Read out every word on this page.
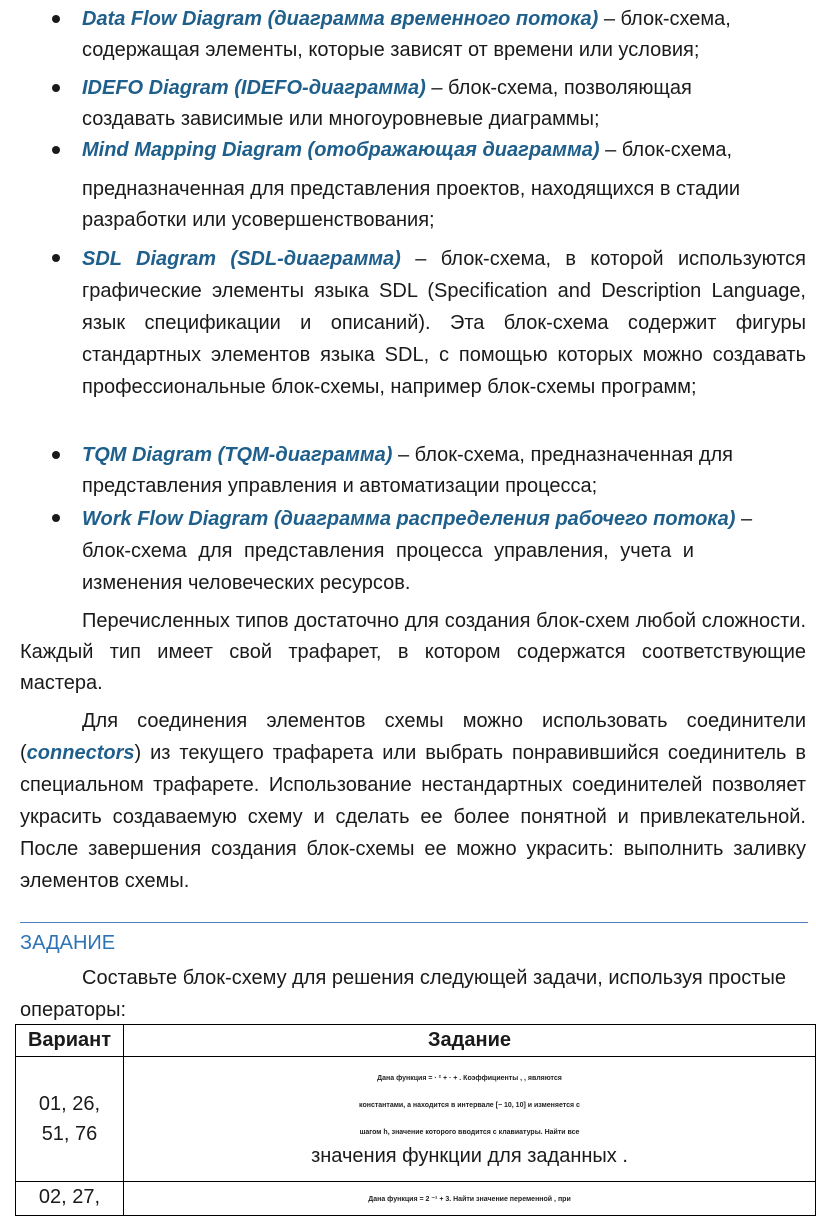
Data Flow Diagram (диаграмма временного потока) – блок-схема,
содержащая элементы, которые зависят от времени или условия;
IDEFO Diagram (IDEFO-диаграмма) – блок-схема, позволяющая
создавать зависимые или многоуровневые диаграммы;
Mind Mapping Diagram (отображающая диаграмма) – блок-схема,
предназначенная для представления проектов, находящихся в стадии
разработки или усовершенствования;
SDL Diagram (SDL-диаграмма) – блок-схема, в которой используются графические элементы языка SDL (Specification and Description Language, язык спецификации и описаний). Эта блок-схема содержит фигуры стандартных элементов языка SDL, с помощью которых можно создавать профессиональные блок-схемы, например блок-схемы программ;
TQM Diagram (TQM-диаграмма) – блок-схема, предназначенная для
представления управления и автоматизации процесса;
Work Flow Diagram (диаграмма распределения рабочего потока) –
блок-схема для представления процесса управления, учета и
изменения человеческих ресурсов.
Перечисленных типов достаточно для создания блок-схем любой сложности. Каждый тип имеет свой трафарет, в котором содержатся соответствующие мастера.
Для соединения элементов схемы можно использовать соединители (connectors) из текущего трафарета или выбрать понравившийся соединитель в специальном трафарете. Использование нестандартных соединителей позволяет украсить создаваемую схему и сделать ее более понятной и привлекательной. После завершения создания блок-схемы ее можно украсить: выполнить заливку элементов схемы.
ЗАДАНИЕ
Составьте блок-схему для решения следующей задачи, используя простые операторы:
Вариант	Задание
01, 26,
51, 76	Дана функция = · ² + · + . Коэффициенты , , являются
константами, а находится в интервале [− 10, 10] и изменяется с
шагом h, значение которого вводится с клавиатуры. Найти все
значения функции для заданных .

02, 27,	Дана функция = 2 ⁻¹ + 3. Найти значение переменной , при
